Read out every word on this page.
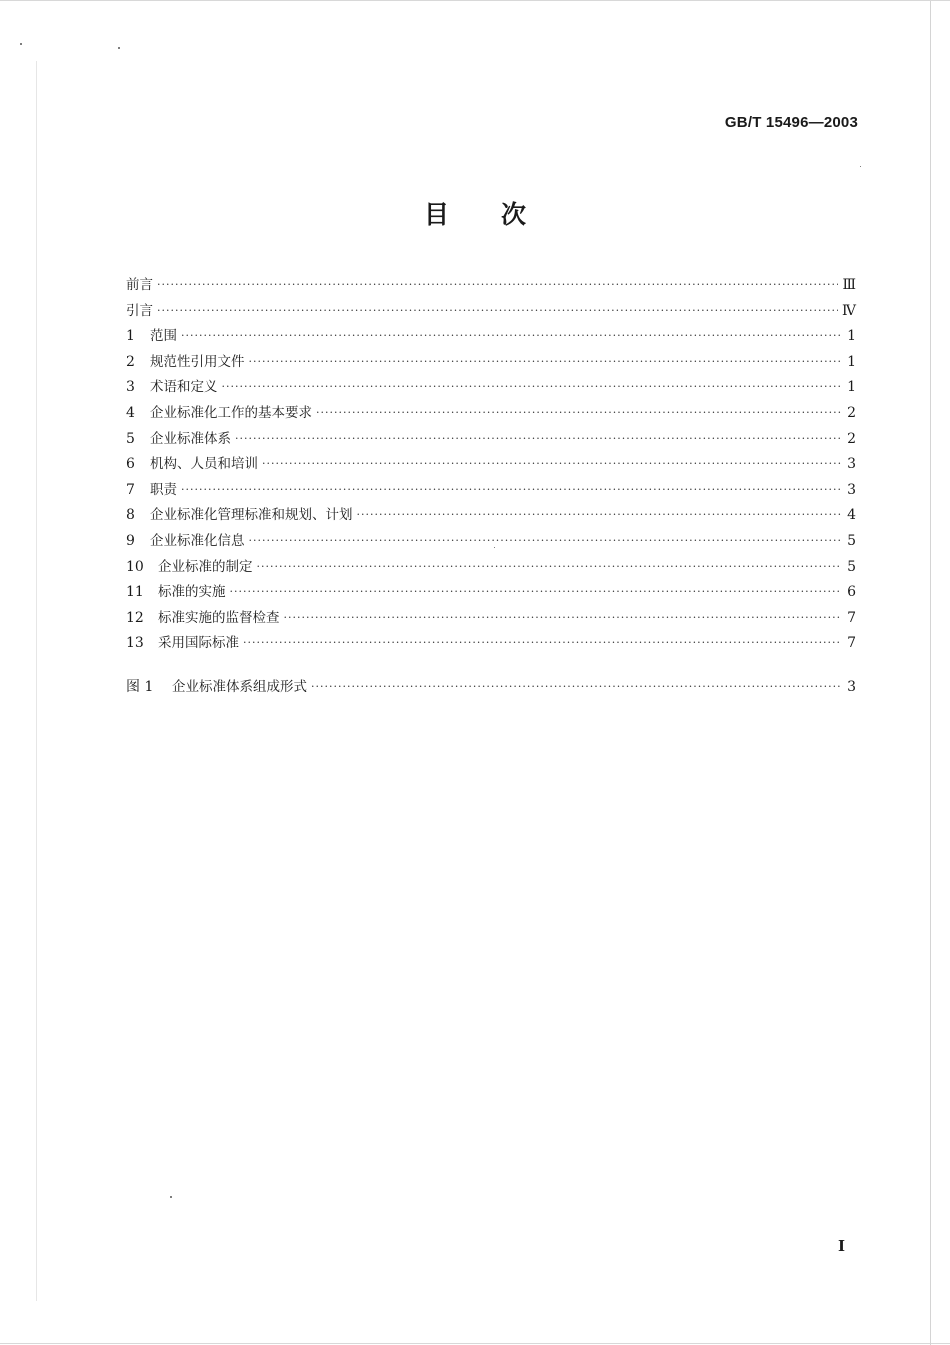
GB/T 15496—2003
目 次
前言 ·····	Ⅲ
引言 ·····	Ⅳ
1	范围 ·····	1
2	规范性引用文件 ·····	1
3	术语和定义 ·····	1
4	企业标准化工作的基本要求 ·····	2
5	企业标准体系 ·····	2
6	机构、人员和培训 ·····	3
7	职责 ·····	3
8	企业标准化管理标准和规划、计划 ·····	4
9	企业标准化信息 ·····	5
10	企业标准的制定 ·····	5
11	标准的实施 ·····	6
12	标准实施的监督检查 ·····	7
13	采用国际标准 ·····	7
图 1	企业标准体系组成形式 ·····	3
I
